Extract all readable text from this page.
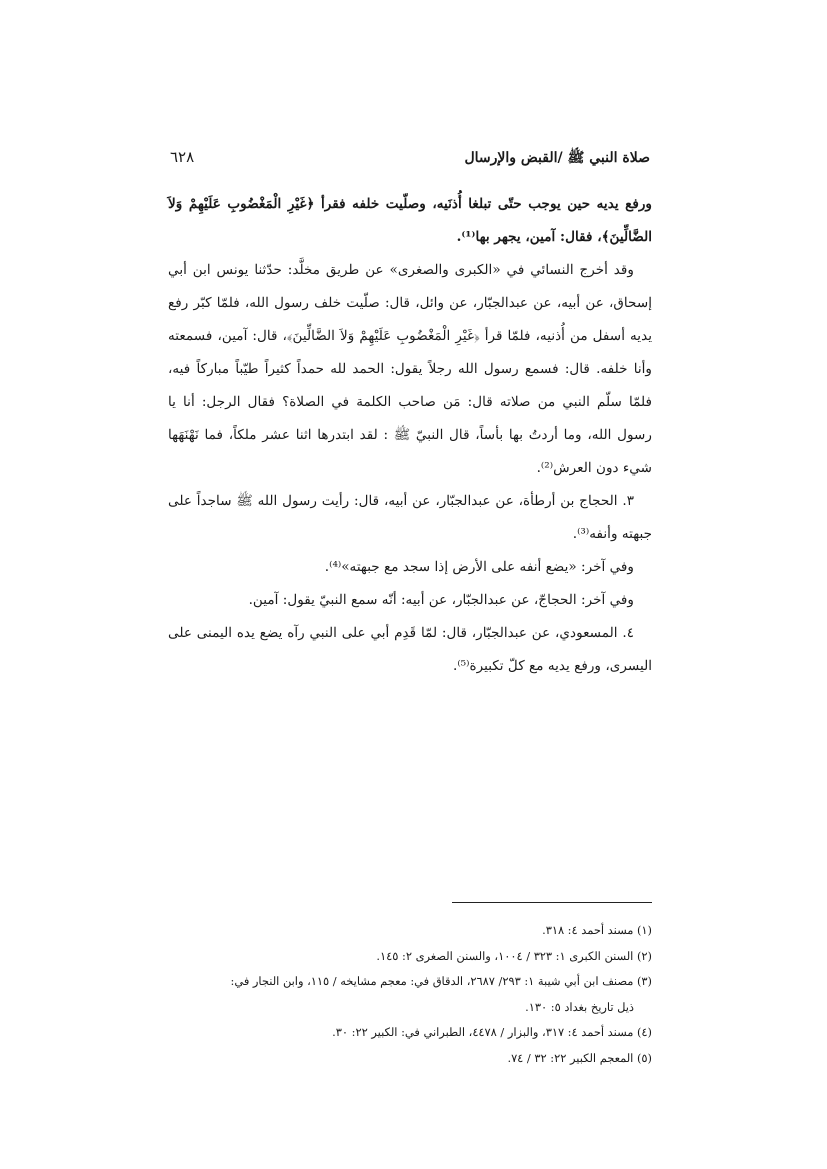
٦٢٨	صلاة النبي ﷺ /القبض والإرسال

ورفع يديه حين يوجب حتّى تبلغا أُذنَيه، وصلّيت خلفه فقرأ ﴿غَيْرِ الْمَغْضُوبِ عَلَيْهِمْ وَلاَ الضَّالِّينَ﴾، فقال: آمين، يجهر بها⁽¹⁾.

وقد أخرج النسائي في «الكبرى والصغرى» عن طريق مخلَّد: حدّثنا يونس ابن أبي إسحاق، عن أبيه، عن عبدالجبّار، عن وائل، قال: صلّيت خلف رسول الله، فلمّا كبّر رفع يديه أسفل من أُذنيه، فلمّا قرأ ﴿غَيْرِ الْمَغْضُوبِ عَلَيْهِمْ وَلاَ الضَّالِّينَ﴾، قال: آمين، فسمعته وأنا خلفه. قال: فسمع رسول الله رجلاً يقول: الحمد لله حمداً كثيراً طيّباً مباركاً فيه، فلمّا سلّم النبي من صلاته قال: مَن صاحب الكلمة في الصلاة؟ فقال الرجل: أنا يا رسول الله، وما أردتُ بها بأساً، قال النبيّ ﷺ : لقد ابتدرها اثنا عشر ملكاً، فما نَهْنَهَها شيء دون العرش⁽²⁾.

٣. الحجاج بن أرطأة، عن عبدالجبّار، عن أبيه، قال: رأيت رسول الله ﷺ ساجداً على جبهته وأنفه⁽³⁾.

وفي آخر: «يضع أنفه على الأرض إذا سجد مع جبهته»⁽⁴⁾.

وفي آخر: الحجاجّ، عن عبدالجبّار، عن أبيه: أنّه سمع النبيّ يقول: آمين.

٤. المسعودي، عن عبدالجبّار، قال: لمّا قَدِم أبي على النبي رآه يضع يده اليمنى على اليسرى، ورفع يديه مع كلّ تكبيرة⁽⁵⁾.

(١) مسند أحمد ٤: ٣١٨.

(٢) السنن الكبرى ١: ٣٢٣ / ١٠٠٤، والسنن الصغرى ٢: ١٤٥.

(٣) مصنف ابن أبي شيبة ١: ٢٩٣/ ٢٦٨٧، الدقاق في: معجم مشايخه / ١١٥، وابن النجار في:

ذيل تاريخ بغداد ٥: ١٣٠.

(٤) مسند أحمد ٤: ٣١٧، والبزار / ٤٤٧٨، الطبراني في: الكبير ٢٢: ٣٠.

(٥) المعجم الكبير ٢٢: ٣٢ / ٧٤.
